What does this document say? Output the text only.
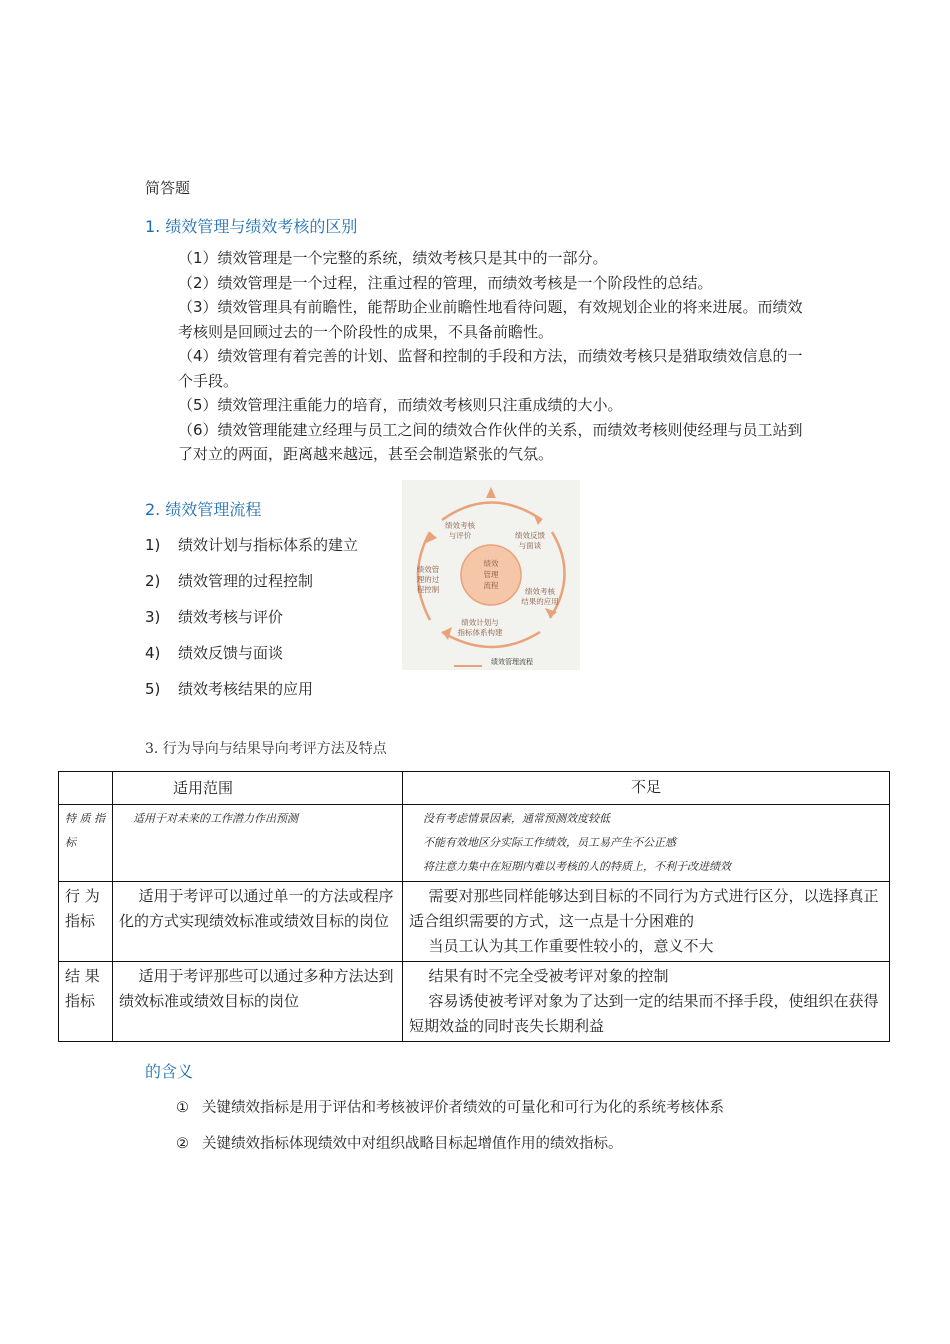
简答题
1. 绩效管理与绩效考核的区别
（1）绩效管理是一个完整的系统，绩效考核只是其中的一部分。
（2）绩效管理是一个过程，注重过程的管理，而绩效考核是一个阶段性的总结。
（3）绩效管理具有前瞻性，能帮助企业前瞻性地看待问题，有效规划企业的将来进展。而绩效考核则是回顾过去的一个阶段性的成果，不具备前瞻性。
（4）绩效管理有着完善的计划、监督和控制的手段和方法，而绩效考核只是猎取绩效信息的一个手段。
（5）绩效管理注重能力的培育，而绩效考核则只注重成绩的大小。
（6）绩效管理能建立经理与员工之间的绩效合作伙伴的关系，而绩效考核则使经理与员工站到了对立的两面，距离越来越远，甚至会制造紧张的气氛。
2. 绩效管理流程
1) 绩效计划与指标体系的建立
2) 绩效管理的过程控制
3) 绩效考核与评价
4) 绩效反馈与面谈
5) 绩效考核结果的应用
绩效
管理
流程
绩效考核
与评价	绩效反馈
与面谈
绩效考核
结果的应用
绩效计划与
指标体系构建
绩效管
理的过
程控制
绩效管理流程
3. 行为导向与结果导向考评方法及特点
	适用范围	不足
特 质 指标	适用于对未来的工作潜力作出预测	没有考虑情景因素，通常预测效度较低
不能有效地区分实际工作绩效，员工易产生不公正感
将注意力集中在短期内难以考核的人的特质上，不利于改进绩效

行 为 指标	适用于考评可以通过单一的方法或程序化的方式实现绩效标准或绩效目标的岗位	需要对那些同样能够达到目标的不同行为方式进行区分，以选择真正适合组织需要的方式，这一点是十分困难的
当员工认为其工作重要性较小的，意义不大

结 果 指标	适用于考评那些可以通过多种方法达到绩效标准或绩效目标的岗位	结果有时不完全受被考评对象的控制
容易诱使被考评对象为了达到一定的结果而不择手段，使组织在获得短期效益的同时丧失长期利益
的含义
① 关键绩效指标是用于评估和考核被评价者绩效的可量化和可行为化的系统考核体系
② 关键绩效指标体现绩效中对组织战略目标起增值作用的绩效指标。
